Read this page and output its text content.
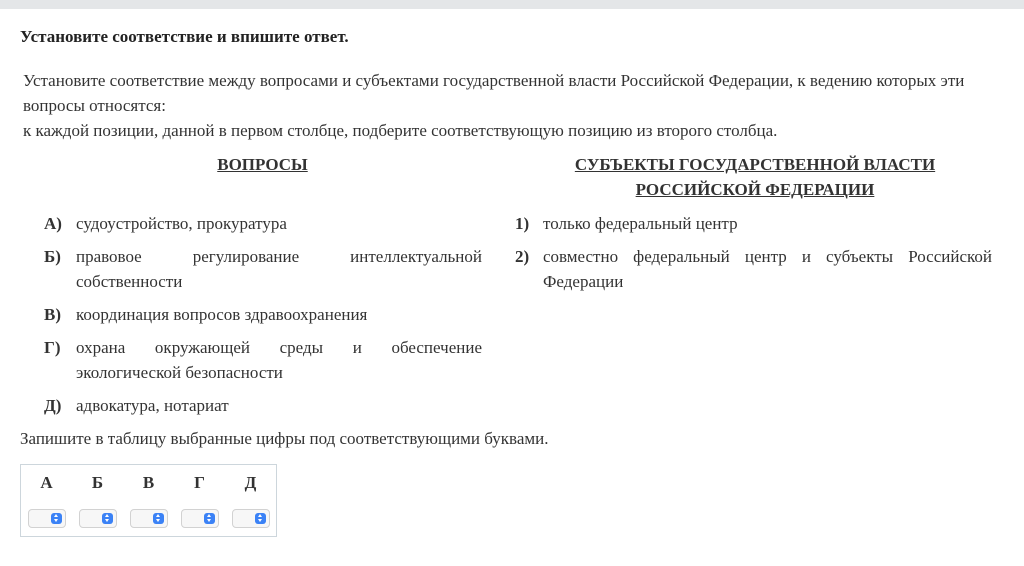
Установите соответствие и впишите ответ.

Установите соответствие между вопросами и субъектами государственной власти Российской Федерации, к ведению которых эти вопросы относятся:

к каждой позиции, данной в первом столбце, подберите соответствующую позицию из второго столбца.

ВОПРОСЫ	СУБЪЕКТЫ ГОСУДАРСТВЕННОЙ ВЛАСТИ РОССИЙСКОЙ ФЕДЕРАЦИИ
А) судоустройство, прокуратура
Б) правовое регулирование интеллектуальной собственности
В) координация вопросов здравоохранения
Г) охрана окружающей среды и обеспечение экологической безопасности
Д) адвокатура, нотариат
1) только федеральный центр
2) совместно федеральный центр и субъекты Российской Федерации
Запишите в таблицу выбранные цифры под соответствующими буквами.
А	Б	В	Г	Д
